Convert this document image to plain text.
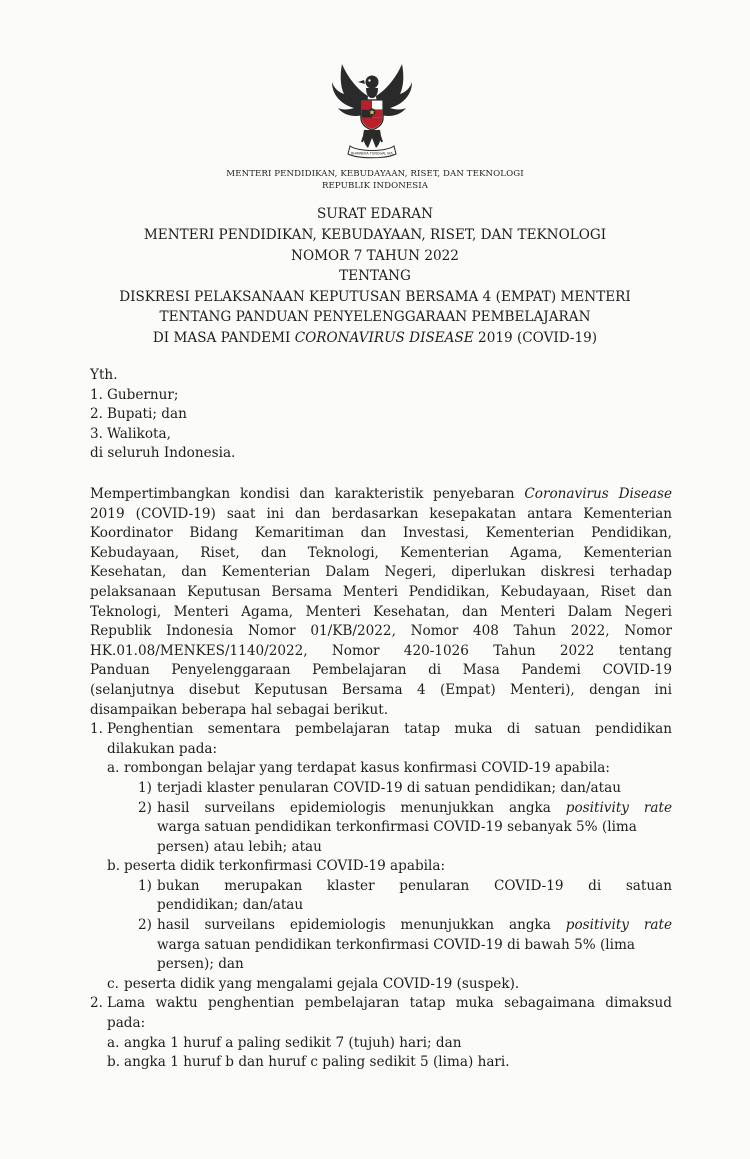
BHINNEKA TUNGGAL IKA
MENTERI PENDIDIKAN, KEBUDAYAAN, RISET, DAN TEKNOLOGI
REPUBLIK INDONESIA
SURAT EDARAN
MENTERI PENDIDIKAN, KEBUDAYAAN, RISET, DAN TEKNOLOGI
NOMOR 7 TAHUN 2022
TENTANG
DISKRESI PELAKSANAAN KEPUTUSAN BERSAMA 4 (EMPAT) MENTERI
TENTANG PANDUAN PENYELENGGARAAN PEMBELAJARAN
DI MASA PANDEMI CORONAVIRUS DISEASE 2019 (COVID-19)
Yth.
1. Gubernur;
2. Bupati; dan
3. Walikota,
di seluruh Indonesia.
Mempertimbangkan kondisi dan karakteristik penyebaran Coronavirus Disease
2019 (COVID-19) saat ini dan berdasarkan kesepakatan antara Kementerian
Koordinator Bidang Kemaritiman dan Investasi, Kementerian Pendidikan,
Kebudayaan, Riset, dan Teknologi, Kementerian Agama, Kementerian
Kesehatan, dan Kementerian Dalam Negeri, diperlukan diskresi terhadap
pelaksanaan Keputusan Bersama Menteri Pendidikan, Kebudayaan, Riset dan
Teknologi, Menteri Agama, Menteri Kesehatan, dan Menteri Dalam Negeri
Republik Indonesia Nomor 01/KB/2022, Nomor 408 Tahun 2022, Nomor
HK.01.08/MENKES/1140/2022, Nomor 420-1026 Tahun 2022 tentang
Panduan Penyelenggaraan Pembelajaran di Masa Pandemi COVID-19
(selanjutnya disebut Keputusan Bersama 4 (Empat) Menteri), dengan ini
disampaikan beberapa hal sebagai berikut.
1. Penghentian sementara pembelajaran tatap muka di satuan pendidikan
dilakukan pada:
a. rombongan belajar yang terdapat kasus konfirmasi COVID-19 apabila:
1) terjadi klaster penularan COVID-19 di satuan pendidikan; dan/atau
2) hasil surveilans epidemiologis menunjukkan angka positivity rate
warga satuan pendidikan terkonfirmasi COVID-19 sebanyak 5% (lima
persen) atau lebih; atau
b. peserta didik terkonfirmasi COVID-19 apabila:
1) bukan merupakan klaster penularan COVID-19 di satuan
pendidikan; dan/atau
2) hasil surveilans epidemiologis menunjukkan angka positivity rate
warga satuan pendidikan terkonfirmasi COVID-19 di bawah 5% (lima
persen); dan
c. peserta didik yang mengalami gejala COVID-19 (suspek).
2. Lama waktu penghentian pembelajaran tatap muka sebagaimana dimaksud
pada:
a. angka 1 huruf a paling sedikit 7 (tujuh) hari; dan
b. angka 1 huruf b dan huruf c paling sedikit 5 (lima) hari.
